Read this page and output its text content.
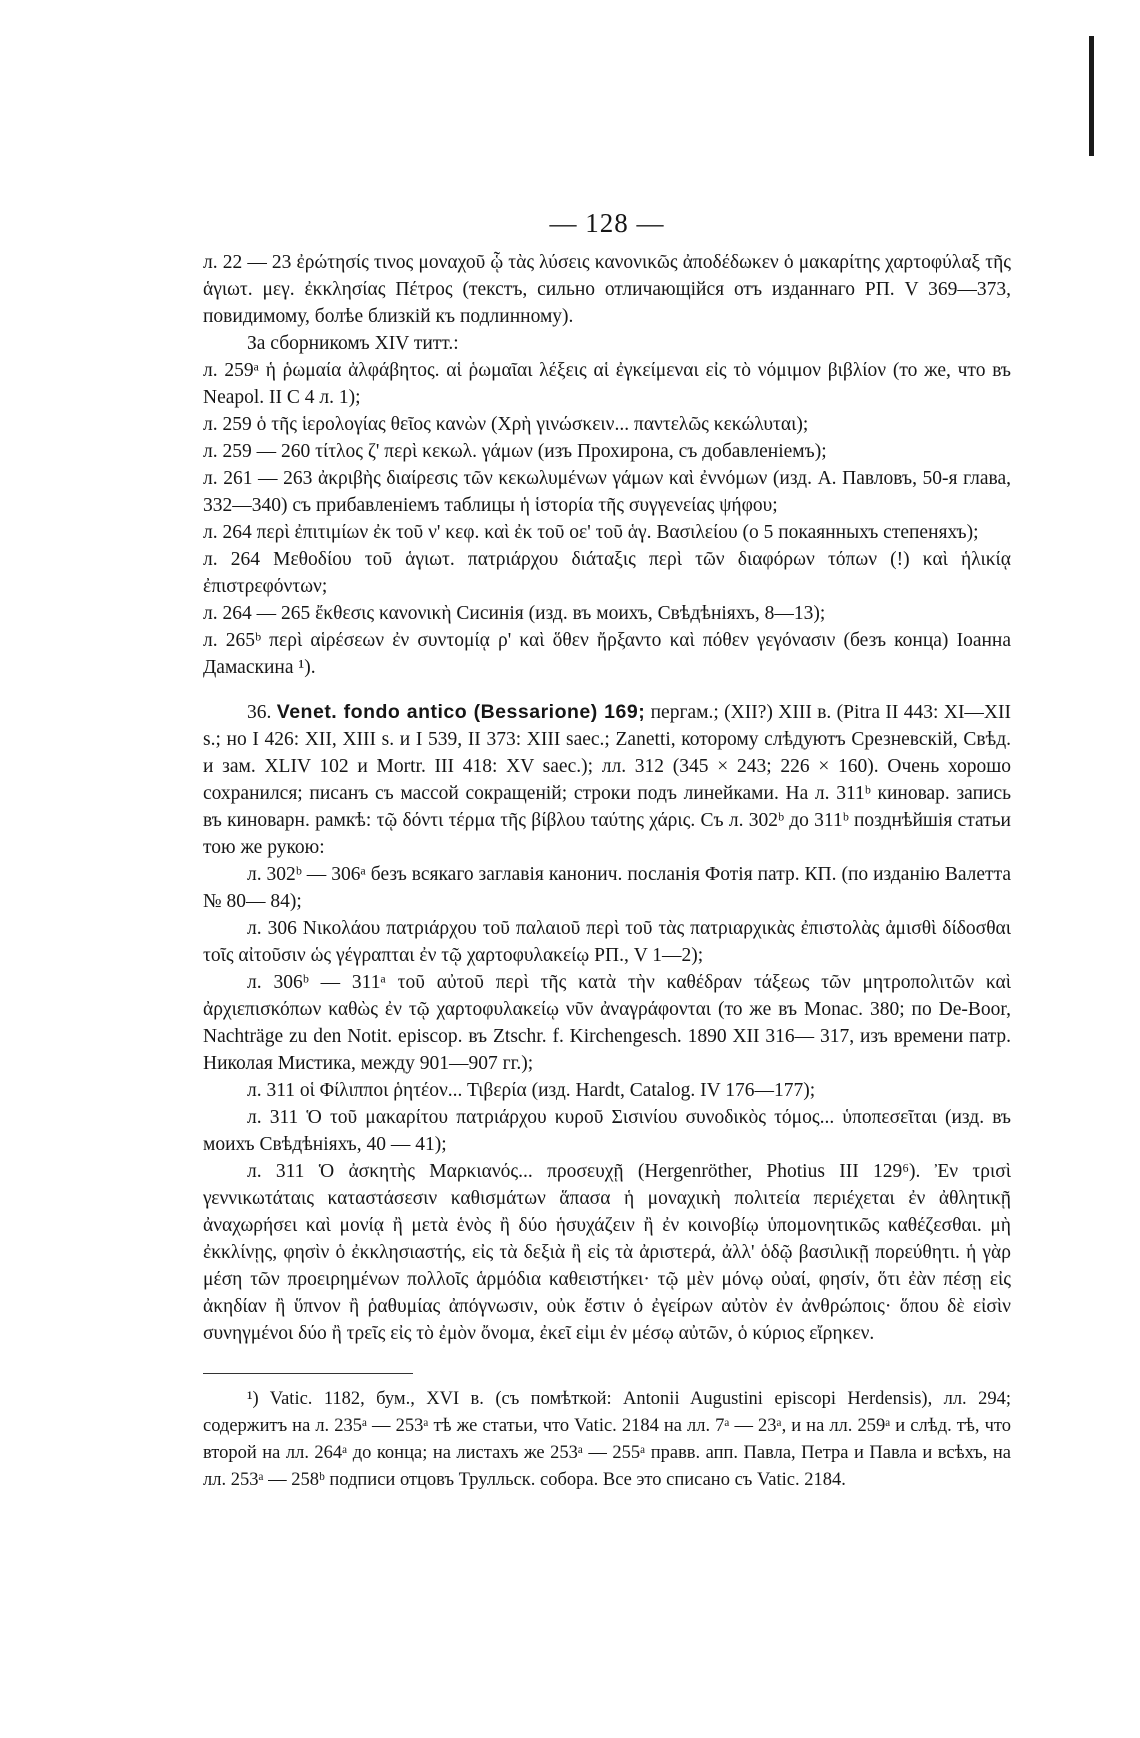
— 128 —

л. 22 — 23 ἐρώτησίς τινος μοναχοῦ ᾧ τὰς λύσεις κανονικῶς ἀποδέδωκεν ὁ μακαρίτης χαρτοφύλαξ τῆς ἁγιωτ. μεγ. ἐκκλησίας Πέτρος (текстъ, сильно отличающійся отъ изданнаго РП. V 369—373, повидимому, болѣе близкій къ подлинному).

За сборникомъ XIV титт.:

л. 259ᵃ ἡ ῥωμαία ἀλφάβητος. αἱ ῥωμαῖαι λέξεις αἱ ἐγκείμεναι εἰς τὸ νόμιμον βιβλίον (то же, что въ Neapol. II C 4 л. 1);

л. 259 ὁ τῆς ἱερολογίας θεῖος κανὼν (Χρὴ γινώσκειν... παντελῶς κεκώλυται);

л. 259 — 260 τίτλος ζ' περὶ κεκωλ. γάμων (изъ Прохирона, съ добавленіемъ);

л. 261 — 263 ἀκριβὴς διαίρεσις τῶν κεκωλυμένων γάμων καὶ ἐννόμων (изд. А. Павловъ, 50-я глава, 332—340) съ прибавленіемъ таблицы ἡ ἱστορία τῆς συγγενείας ψήφου;

л. 264 περὶ ἐπιτιμίων ἐκ τοῦ ν' κεφ. καὶ ἐκ τοῦ οε' τοῦ ἁγ. Βασιλείου (о 5 покаянныхъ степеняхъ);

л. 264 Μεθοδίου τοῦ ἁγιωτ. πατριάρχου διάταξις περὶ τῶν διαφόρων τόπων (!) καὶ ἡλικίᾳ ἐπιστρεφόντων;

л. 264 — 265 ἔκθεσις κανονικὴ Сисинія (изд. въ моихъ, Свѣдѣніяхъ, 8—13);

л. 265ᵇ περὶ αἱρέσεων ἐν συντομίᾳ ρ' καὶ ὅθεν ἤρξαντο καὶ πόθεν γεγόνασιν (безъ конца) Іоанна Дамаскина ¹).

36. Venet. fondo antico (Bessarione) 169; пергам.; (XII?) XIII в. (Pitra II 443: XI—XII s.; но I 426: XII, XIII s. и I 539, II 373: XIII saec.; Zanetti, которому слѣдуютъ Срезневскій, Свѣд. и зам. XLIV 102 и Mortr. III 418: XV saec.); лл. 312 (345 × 243; 226 × 160). Очень хорошо сохранился; писанъ съ массой сокращеній; строки подъ линейками. На л. 311ᵇ киновар. запись въ киноварн. рамкѣ: τῷ δόντι τέρμα τῆς βίβλου ταύτης χάρις. Съ л. 302ᵇ до 311ᵇ позднѣйшія статьи тою же рукою:

л. 302ᵇ — 306ᵃ безъ всякаго заглавія канонич. посланія Фотія патр. КП. (по изданію Валетта № 80— 84);

л. 306 Νικολάου πατριάρχου τοῦ παλαιοῦ περὶ τοῦ τὰς πατριαρχικὰς ἐπιστολὰς ἀμισθὶ δίδοσθαι τοῖς αἰτοῦσιν ὡς γέγραπται ἐν τῷ χαρτοφυλακείῳ РП., V 1—2);

л. 306ᵇ — 311ᵃ τοῦ αὐτοῦ περὶ τῆς κατὰ τὴν καθέδραν τάξεως τῶν μητροπολιτῶν καὶ ἀρχιεπισκόπων καθὼς ἐν τῷ χαρτοφυλακείῳ νῦν ἀναγράφονται (то же въ Monac. 380; по De-Boor, Nachträge zu den Notit. episcop. въ Ztschr. f. Kirchengesch. 1890 XII 316— 317, изъ времени патр. Николая Мистика, между 901—907 гг.);

л. 311 οἱ Φίλιπποι ῥητέον... Τιβερία (изд. Hardt, Catalog. IV 176—177);

л. 311 Ὁ τοῦ μακαρίτου πατριάρχου κυροῦ Σισινίου συνοδικὸς τόμος... ὑποπεσεῖται (изд. въ моихъ Свѣдѣніяхъ, 40 — 41);

л. 311 Ὁ ἀσκητὴς Μαρκιανός... προσευχῇ (Hergenröther, Photius III 129⁶). Ἐν τρισὶ γεννικωτάταις καταστάσεσιν καθισμάτων ἅπασα ἡ μοναχικὴ πολιτεία περιέχεται ἐν ἀθλητικῇ ἀναχωρήσει καὶ μονίᾳ ἢ μετὰ ἑνὸς ἢ δύο ἡσυχάζειν ἢ ἐν κοινοβίῳ ὑπομονητικῶς καθέζεσθαι. μὴ ἐκκλίνῃς, φησὶν ὁ ἐκκλησιαστής, εἰς τὰ δεξιὰ ἢ εἰς τὰ ἀριστερά, ἀλλ' ὁδῷ βασιλικῇ πορεύθητι. ἡ γὰρ μέση τῶν προειρημένων πολλοῖς ἁρμόδια καθειστήκει· τῷ μὲν μόνῳ οὐαί, φησίν, ὅτι ἐὰν πέσῃ εἰς ἀκηδίαν ἢ ὕπνον ἢ ῥαθυμίας ἀπόγνωσιν, οὐκ ἔστιν ὁ ἐγείρων αὐτὸν ἐν ἀνθρώποις· ὅπου δὲ εἰσὶν συνηγμένοι δύο ἢ τρεῖς εἰς τὸ ἐμὸν ὄνομα, ἐκεῖ εἰμι ἐν μέσῳ αὐτῶν, ὁ κύριος εἴρηκεν.

¹) Vatic. 1182, бум., XVI в. (съ помѣткой: Antonii Augustini episcopi Herdensis), лл. 294; содержитъ на л. 235ᵃ — 253ᵃ тѣ же статьи, что Vatic. 2184 на лл. 7ᵃ — 23ᵃ, и на лл. 259ᵃ и слѣд. тѣ, что второй на лл. 264ᵃ до конца; на листахъ же 253ᵃ — 255ᵃ правв. апп. Павла, Петра и Павла и всѣхъ, на лл. 253ᵃ — 258ᵇ подписи отцовъ Трулльск. собора. Все это списано съ Vatic. 2184.
